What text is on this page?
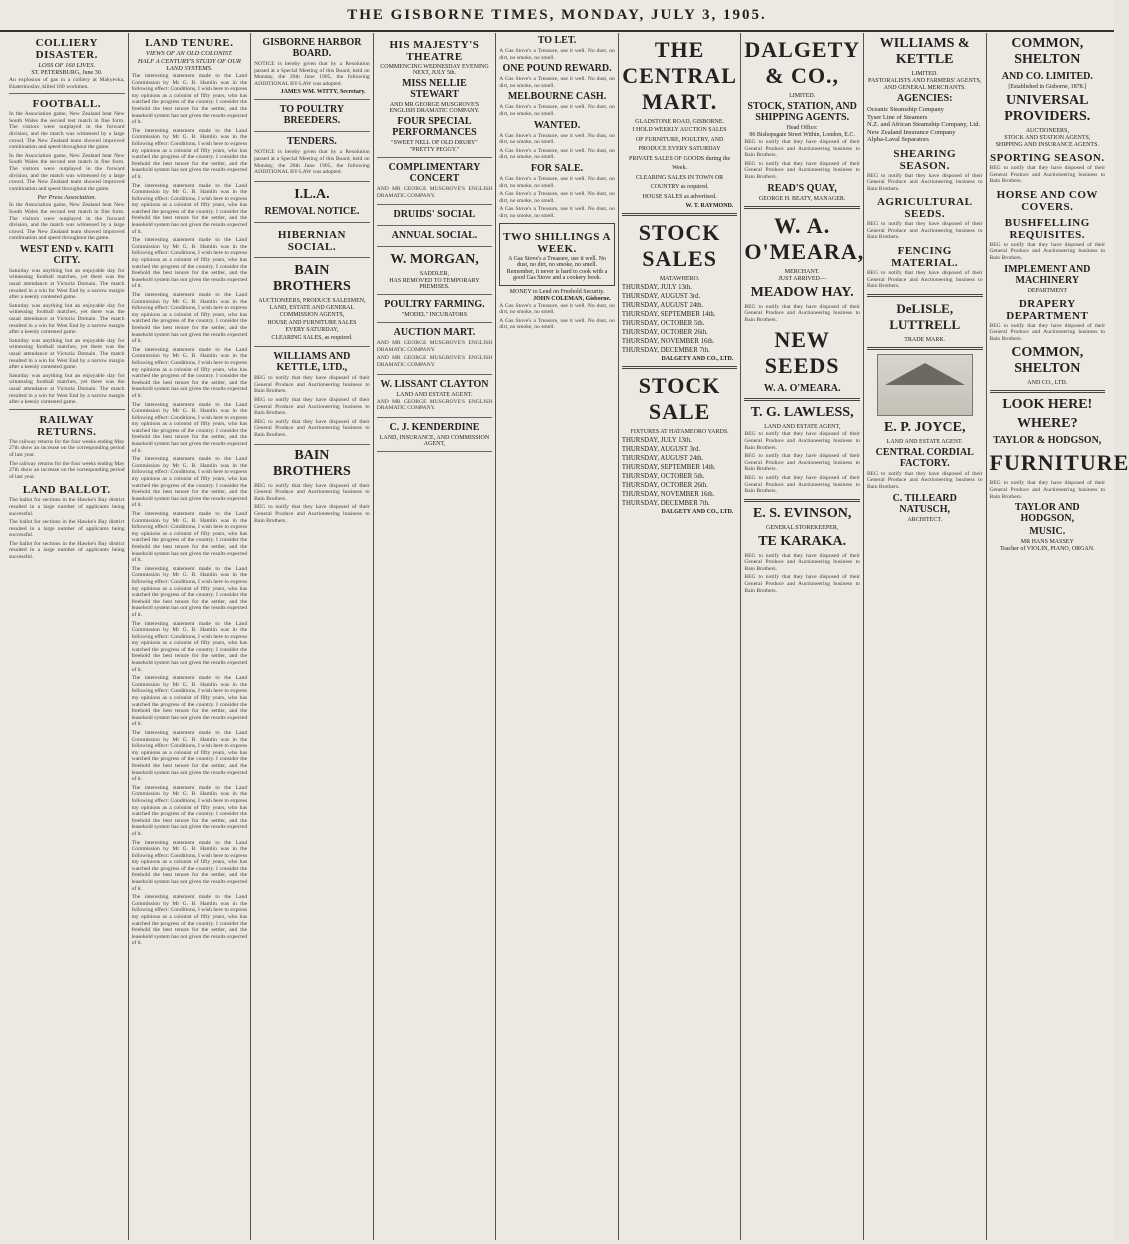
THE GISBORNE TIMES, MONDAY, JULY 3, 1905.
COLLIERY DISASTER.
LOSS OF 160 LIVES.
ST. PETERSBURG, June 30.

An explosion of gas in a colliery at Makyevka, Ekaterinoslav, killed 160 workmen.

FOOTBALL.

In the Association game, New Zealand beat New South Wales the second test match in fine form. The visitors were outplayed in the forward division, and the match was witnessed by a large crowd. The New Zealand team showed improved combination and speed throughout the game.

In the Association game, New Zealand beat New South Wales the second test match in fine form. The visitors were outplayed in the forward division, and the match was witnessed by a large crowd. The New Zealand team showed improved combination and speed throughout the game.

Per Press Association.

In the Association game, New Zealand beat New South Wales the second test match in fine form. The visitors were outplayed in the forward division, and the match was witnessed by a large crowd. The New Zealand team showed improved combination and speed throughout the game.

WEST END v. KAITI CITY.

Saturday was anything but an enjoyable day for witnessing football matches, yet there was the usual attendance at Victoria Domain. The match resulted in a win for West End by a narrow margin after a keenly contested game.

Saturday was anything but an enjoyable day for witnessing football matches, yet there was the usual attendance at Victoria Domain. The match resulted in a win for West End by a narrow margin after a keenly contested game.

Saturday was anything but an enjoyable day for witnessing football matches, yet there was the usual attendance at Victoria Domain. The match resulted in a win for West End by a narrow margin after a keenly contested game.

Saturday was anything but an enjoyable day for witnessing football matches, yet there was the usual attendance at Victoria Domain. The match resulted in a win for West End by a narrow margin after a keenly contested game.

RAILWAY RETURNS.

The railway returns for the four weeks ending May 27th show an increase on the corresponding period of last year.

The railway returns for the four weeks ending May 27th show an increase on the corresponding period of last year.

LAND BALLOT.

The ballot for sections in the Hawke's Bay district resulted in a large number of applicants being successful.

The ballot for sections in the Hawke's Bay district resulted in a large number of applicants being successful.

The ballot for sections in the Hawke's Bay district resulted in a large number of applicants being successful.

LAND TENURE.
VIEWS OF AN OLD COLONIST.
HALF A CENTURY'S STUDY OF OUR LAND SYSTEMS.

The interesting statement made to the Land Commission by Mr G. B. Hamlin was in the following effect: Conditions, I wish here to express my opinions as a colonist of fifty years, who has watched the progress of the country. I consider the freehold the best tenure for the settler, and the leasehold system has not given the results expected of it.

The interesting statement made to the Land Commission by Mr G. B. Hamlin was in the following effect: Conditions, I wish here to express my opinions as a colonist of fifty years, who has watched the progress of the country. I consider the freehold the best tenure for the settler, and the leasehold system has not given the results expected of it.

The interesting statement made to the Land Commission by Mr G. B. Hamlin was in the following effect: Conditions, I wish here to express my opinions as a colonist of fifty years, who has watched the progress of the country. I consider the freehold the best tenure for the settler, and the leasehold system has not given the results expected of it.

The interesting statement made to the Land Commission by Mr G. B. Hamlin was in the following effect: Conditions, I wish here to express my opinions as a colonist of fifty years, who has watched the progress of the country. I consider the freehold the best tenure for the settler, and the leasehold system has not given the results expected of it.

The interesting statement made to the Land Commission by Mr G. B. Hamlin was in the following effect: Conditions, I wish here to express my opinions as a colonist of fifty years, who has watched the progress of the country. I consider the freehold the best tenure for the settler, and the leasehold system has not given the results expected of it.

The interesting statement made to the Land Commission by Mr G. B. Hamlin was in the following effect: Conditions, I wish here to express my opinions as a colonist of fifty years, who has watched the progress of the country. I consider the freehold the best tenure for the settler, and the leasehold system has not given the results expected of it.

The interesting statement made to the Land Commission by Mr G. B. Hamlin was in the following effect: Conditions, I wish here to express my opinions as a colonist of fifty years, who has watched the progress of the country. I consider the freehold the best tenure for the settler, and the leasehold system has not given the results expected of it.

The interesting statement made to the Land Commission by Mr G. B. Hamlin was in the following effect: Conditions, I wish here to express my opinions as a colonist of fifty years, who has watched the progress of the country. I consider the freehold the best tenure for the settler, and the leasehold system has not given the results expected of it.

The interesting statement made to the Land Commission by Mr G. B. Hamlin was in the following effect: Conditions, I wish here to express my opinions as a colonist of fifty years, who has watched the progress of the country. I consider the freehold the best tenure for the settler, and the leasehold system has not given the results expected of it.

The interesting statement made to the Land Commission by Mr G. B. Hamlin was in the following effect: Conditions, I wish here to express my opinions as a colonist of fifty years, who has watched the progress of the country. I consider the freehold the best tenure for the settler, and the leasehold system has not given the results expected of it.

The interesting statement made to the Land Commission by Mr G. B. Hamlin was in the following effect: Conditions, I wish here to express my opinions as a colonist of fifty years, who has watched the progress of the country. I consider the freehold the best tenure for the settler, and the leasehold system has not given the results expected of it.

The interesting statement made to the Land Commission by Mr G. B. Hamlin was in the following effect: Conditions, I wish here to express my opinions as a colonist of fifty years, who has watched the progress of the country. I consider the freehold the best tenure for the settler, and the leasehold system has not given the results expected of it.

The interesting statement made to the Land Commission by Mr G. B. Hamlin was in the following effect: Conditions, I wish here to express my opinions as a colonist of fifty years, who has watched the progress of the country. I consider the freehold the best tenure for the settler, and the leasehold system has not given the results expected of it.

The interesting statement made to the Land Commission by Mr G. B. Hamlin was in the following effect: Conditions, I wish here to express my opinions as a colonist of fifty years, who has watched the progress of the country. I consider the freehold the best tenure for the settler, and the leasehold system has not given the results expected of it.

The interesting statement made to the Land Commission by Mr G. B. Hamlin was in the following effect: Conditions, I wish here to express my opinions as a colonist of fifty years, who has watched the progress of the country. I consider the freehold the best tenure for the settler, and the leasehold system has not given the results expected of it.

The interesting statement made to the Land Commission by Mr G. B. Hamlin was in the following effect: Conditions, I wish here to express my opinions as a colonist of fifty years, who has watched the progress of the country. I consider the freehold the best tenure for the settler, and the leasehold system has not given the results expected of it.

GISBORNE HARBOR BOARD.

NOTICE is hereby given that by a Resolution passed at a Special Meeting of this Board, held on Monday, the 26th June 1905, the following ADDITIONAL BY-LAW was adopted.

JAMES WM. WITTY, Secretary.
TO POULTRY BREEDERS.
TENDERS.

NOTICE is hereby given that by a Resolution passed at a Special Meeting of this Board, held on Monday, the 26th June 1905, the following ADDITIONAL BY-LAW was adopted.

I.L.A.
REMOVAL NOTICE.
HIBERNIAN SOCIAL.
BAIN BROTHERS
AUCTIONEERS, PRODUCE SALESMEN,
LAND, ESTATE AND GENERAL COMMISSION AGENTS,
HOUSE AND FURNITURE SALES
EVERY SATURDAY,
CLEARING SALES, as required.
WILLIAMS AND KETTLE, LTD.,

BEG to notify that they have disposed of their General Produce and Auctioneering business to Bain Brothers.

BEG to notify that they have disposed of their General Produce and Auctioneering business to Bain Brothers.

BEG to notify that they have disposed of their General Produce and Auctioneering business to Bain Brothers.

BAIN BROTHERS

BEG to notify that they have disposed of their General Produce and Auctioneering business to Bain Brothers.

BEG to notify that they have disposed of their General Produce and Auctioneering business to Bain Brothers.

HIS MAJESTY'S THEATRE
COMMENCING WEDNESDAY EVENING NEXT, JULY 5th.
MISS NELLIE STEWART
AND MR GEORGE MUSGROVE'S ENGLISH DRAMATIC COMPANY.
FOUR SPECIAL PERFORMANCES
"SWEET NELL OF OLD DRURY"
"PRETTY PEGGY."
COMPLIMENTARY CONCERT

AND MR GEORGE MUSGROVE'S ENGLISH DRAMATIC COMPANY.

DRUIDS' SOCIAL
ANNUAL SOCIAL.
W. MORGAN,
SADDLER,
HAS REMOVED TO TEMPORARY PREMISES.
POULTRY FARMING.
"MODEL" INCUBATORS
AUCTION MART.

AND MR GEORGE MUSGROVE'S ENGLISH DRAMATIC COMPANY.

AND MR GEORGE MUSGROVE'S ENGLISH DRAMATIC COMPANY.

W. LISSANT CLAYTON
LAND AND ESTATE AGENT.

AND MR GEORGE MUSGROVE'S ENGLISH DRAMATIC COMPANY.

C. J. KENDERDINE
LAND, INSURANCE, AND COMMISSION AGENT,
TO LET.

A Gas Stove's a Treasure, use it well. No dust, no dirt, no smoke, no smell.

ONE POUND REWARD.

A Gas Stove's a Treasure, use it well. No dust, no dirt, no smoke, no smell.

MELBOURNE CASH.

A Gas Stove's a Treasure, use it well. No dust, no dirt, no smoke, no smell.

WANTED.

A Gas Stove's a Treasure, use it well. No dust, no dirt, no smoke, no smell.

A Gas Stove's a Treasure, use it well. No dust, no dirt, no smoke, no smell.

FOR SALE.

A Gas Stove's a Treasure, use it well. No dust, no dirt, no smoke, no smell.

A Gas Stove's a Treasure, use it well. No dust, no dirt, no smoke, no smell.

A Gas Stove's a Treasure, use it well. No dust, no dirt, no smoke, no smell.

TWO SHILLINGS A WEEK.
A Gas Stove's a Treasure, use it well. No dust, no dirt, no smoke, no smell.
Remember, it never is hard to cook with a good Gas Stove and a cookery book.
MONEY to Lend on Freehold Security.
JOHN COLEMAN, Gisborne.

A Gas Stove's a Treasure, use it well. No dust, no dirt, no smoke, no smell.

A Gas Stove's a Treasure, use it well. No dust, no dirt, no smoke, no smell.

THE CENTRAL MART.
GLADSTONE ROAD, GISBORNE.
I HOLD WEEKLY AUCTION SALES
OF FURNITURE, POULTRY, AND PRODUCE EVERY SATURDAY
PRIVATE SALES OF GOODS during the Week.
CLEARING SALES IN TOWN OR COUNTRY as required.
HOUSE SALES as advertised.
W. T. RAYMOND.
STOCK SALES
MATAWHERO.
THURSDAY, JULY 13th.
THURSDAY, AUGUST 3rd.
THURSDAY, AUGUST 24th.
THURSDAY, SEPTEMBER 14th.
THURSDAY, OCTOBER 5th.
THURSDAY, OCTOBER 26th.
THURSDAY, NOVEMBER 16th.
THURSDAY, DECEMBER 7th.
DALGETY AND CO., LTD.
STOCK SALE
FIXTURES AT HATAMEORO YARDS.
THURSDAY, JULY 13th.
THURSDAY, AUGUST 3rd.
THURSDAY, AUGUST 24th.
THURSDAY, SEPTEMBER 14th.
THURSDAY, OCTOBER 5th.
THURSDAY, OCTOBER 26th.
THURSDAY, NOVEMBER 16th.
THURSDAY, DECEMBER 7th.
DALGETY AND CO., LTD.
DALGETY & CO.,
LIMITED.
STOCK, STATION, AND SHIPPING AGENTS.
Head Office:
96 Bishopsgate Street Within, London, E.C.

BEG to notify that they have disposed of their General Produce and Auctioneering business to Bain Brothers.

BEG to notify that they have disposed of their General Produce and Auctioneering business to Bain Brothers.

READ'S QUAY,
GEORGE H. BEATY, MANAGER.
W. A. O'MEARA,
MERCHANT.
JUST ARRIVED—
MEADOW HAY.

BEG to notify that they have disposed of their General Produce and Auctioneering business to Bain Brothers.

NEW SEEDS
W. A. O'MEARA.
T. G. LAWLESS,
LAND AND ESTATE AGENT,

BEG to notify that they have disposed of their General Produce and Auctioneering business to Bain Brothers.

BEG to notify that they have disposed of their General Produce and Auctioneering business to Bain Brothers.

BEG to notify that they have disposed of their General Produce and Auctioneering business to Bain Brothers.

E. S. EVINSON,
GENERAL STOREKEEPER,
TE KARAKA.

BEG to notify that they have disposed of their General Produce and Auctioneering business to Bain Brothers.

BEG to notify that they have disposed of their General Produce and Auctioneering business to Bain Brothers.

WILLIAMS & KETTLE
LIMITED.
PASTORALISTS AND FARMERS' AGENTS,
AND GENERAL MERCHANTS.
AGENCIES:
Oceanic Steamship Company
Tyser Line of Steamers
N.Z. and African Steamship Company, Ltd.
New Zealand Insurance Company
Alpha-Laval Separators
SHEARING SEASON.

BEG to notify that they have disposed of their General Produce and Auctioneering business to Bain Brothers.

AGRICULTURAL SEEDS.

BEG to notify that they have disposed of their General Produce and Auctioneering business to Bain Brothers.

FENCING MATERIAL.

BEG to notify that they have disposed of their General Produce and Auctioneering business to Bain Brothers.

DeLISLE, LUTTRELL
TRADE MARK.
E. P. JOYCE,
LAND AND ESTATE AGENT.
CENTRAL CORDIAL FACTORY.

BEG to notify that they have disposed of their General Produce and Auctioneering business to Bain Brothers.

C. TILLEARD NATUSCH,
ARCHITECT.
COMMON, SHELTON
AND CO. LIMITED.
[Established in Gisborne, 1878.]
UNIVERSAL PROVIDERS.
AUCTIONEERS,
STOCK AND STATION AGENTS,
SHIPPING AND INSURANCE AGENTS.
SPORTING SEASON.

BEG to notify that they have disposed of their General Produce and Auctioneering business to Bain Brothers.

HORSE AND COW COVERS.
BUSHFELLING REQUISITES.

BEG to notify that they have disposed of their General Produce and Auctioneering business to Bain Brothers.

IMPLEMENT AND MACHINERY
DEPARTMENT
DRAPERY DEPARTMENT

BEG to notify that they have disposed of their General Produce and Auctioneering business to Bain Brothers.

COMMON, SHELTON
AND CO., LTD.
LOOK HERE!
WHERE?
TAYLOR & HODGSON,
FURNITURE

BEG to notify that they have disposed of their General Produce and Auctioneering business to Bain Brothers.

TAYLOR AND HODGSON,
MUSIC.
MR HANS MASSEY
Teacher of VIOLIN, PIANO, ORGAN.
